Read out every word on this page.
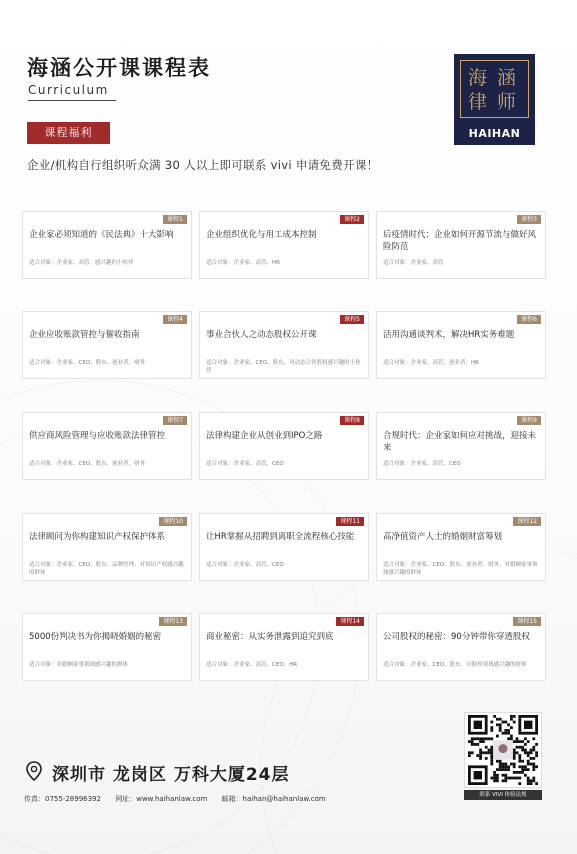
海涵公开课课程表
Curriculum
海 涵
律 师
HAIHAN
课程福利
企业/机构自行组织听众满 30 人以上即可联系 vivi 申请免费开课！
课程1
企业家必须知道的《民法典》十大影响
适合对象：企业家、高管、感兴趣的小伙伴
课程2
企业组织优化与用工成本控制
适合对象：企业家、高管、HR
课程3
后疫情时代：企业如何开源节流与做好风险防范
适合对象：企业家、高管
课程4
企业应收账款管控与催收指南
适合对象：企业家、CEO、股东、创业者、财务
课程5
事业合伙人之动态股权公开课
适合对象：企业家、CEO、股东、对动态合伙股权感兴趣的小伙伴
课程6
活用沟通谈判术，解决HR实务难题
适合对象：企业家、高管、创业者、HR
课程7
供应商风险管理与应收账款法律管控
适合对象：企业家、CEO、股东、创业者、财务
课程8
法律构建企业从创业到IPO之路
适合对象：企业家、高管、CEO
课程9
合规时代：企业家如何应对挑战，迎接未来
适合对象：企业家、高管、CEO
课程10
法律顾问为你构建知识产权保护体系
适合对象：企业家、CEO、股东、品牌经理、对知识产权感兴趣的群体
课程11
让HR掌握从招聘到离职全流程核心技能
适合对象：企业家、高管、CEO
课程12
高净值资产人士的婚姻财富筹划
适合对象：企业家、CEO、股东、创业者、财务、对婚姻家事领域感兴趣的群体
课程13
5000份判决书为你揭晓婚姻的秘密
适合对象：对婚姻家事领域感兴趣的群体
课程14
商业秘密：从实务泄露到追究到底
适合对象：企业家、高管、CEO、HR
课程15
公司股权的秘密：90分钟带你穿透股权
适合对象：企业家、CEO、股东、对股权领域感兴趣的群体
深圳市 龙岗区 万科大厦24层
传真：0755-28996392 网址：www.haihanlaw.com 邮箱：haihan@haihanlaw.com	联系 VIVI 体验法规
